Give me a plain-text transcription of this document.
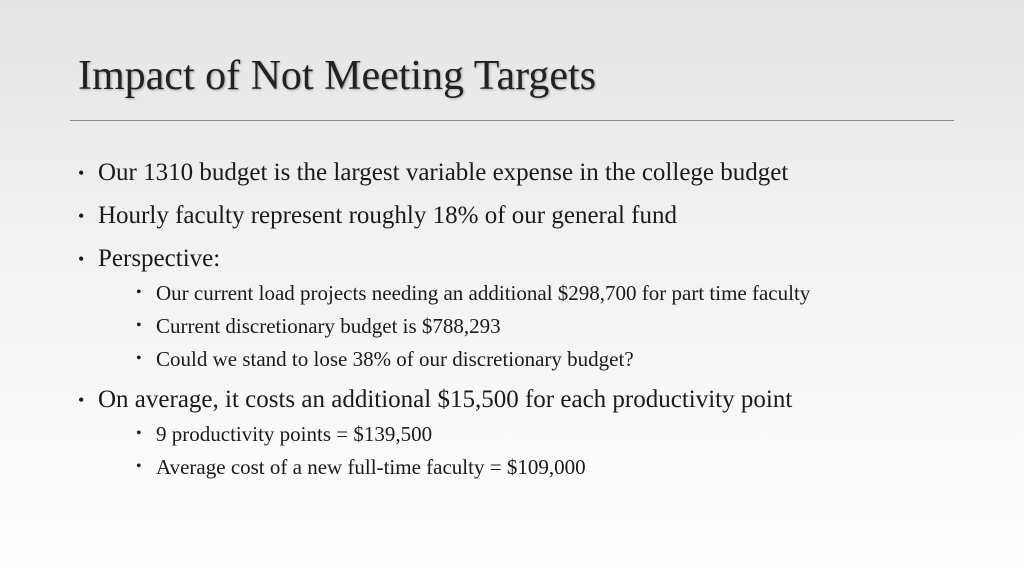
Impact of Not Meeting Targets
• Our 1310 budget is the largest variable expense in the college budget
• Hourly faculty represent roughly 18% of our general fund
• Perspective:
• Our current load projects needing an additional $298,700 for part time faculty
• Current discretionary budget is $788,293
• Could we stand to lose 38% of our discretionary budget?
• On average, it costs an additional $15,500 for each productivity point
• 9 productivity points = $139,500
• Average cost of a new full-time faculty = $109,000
